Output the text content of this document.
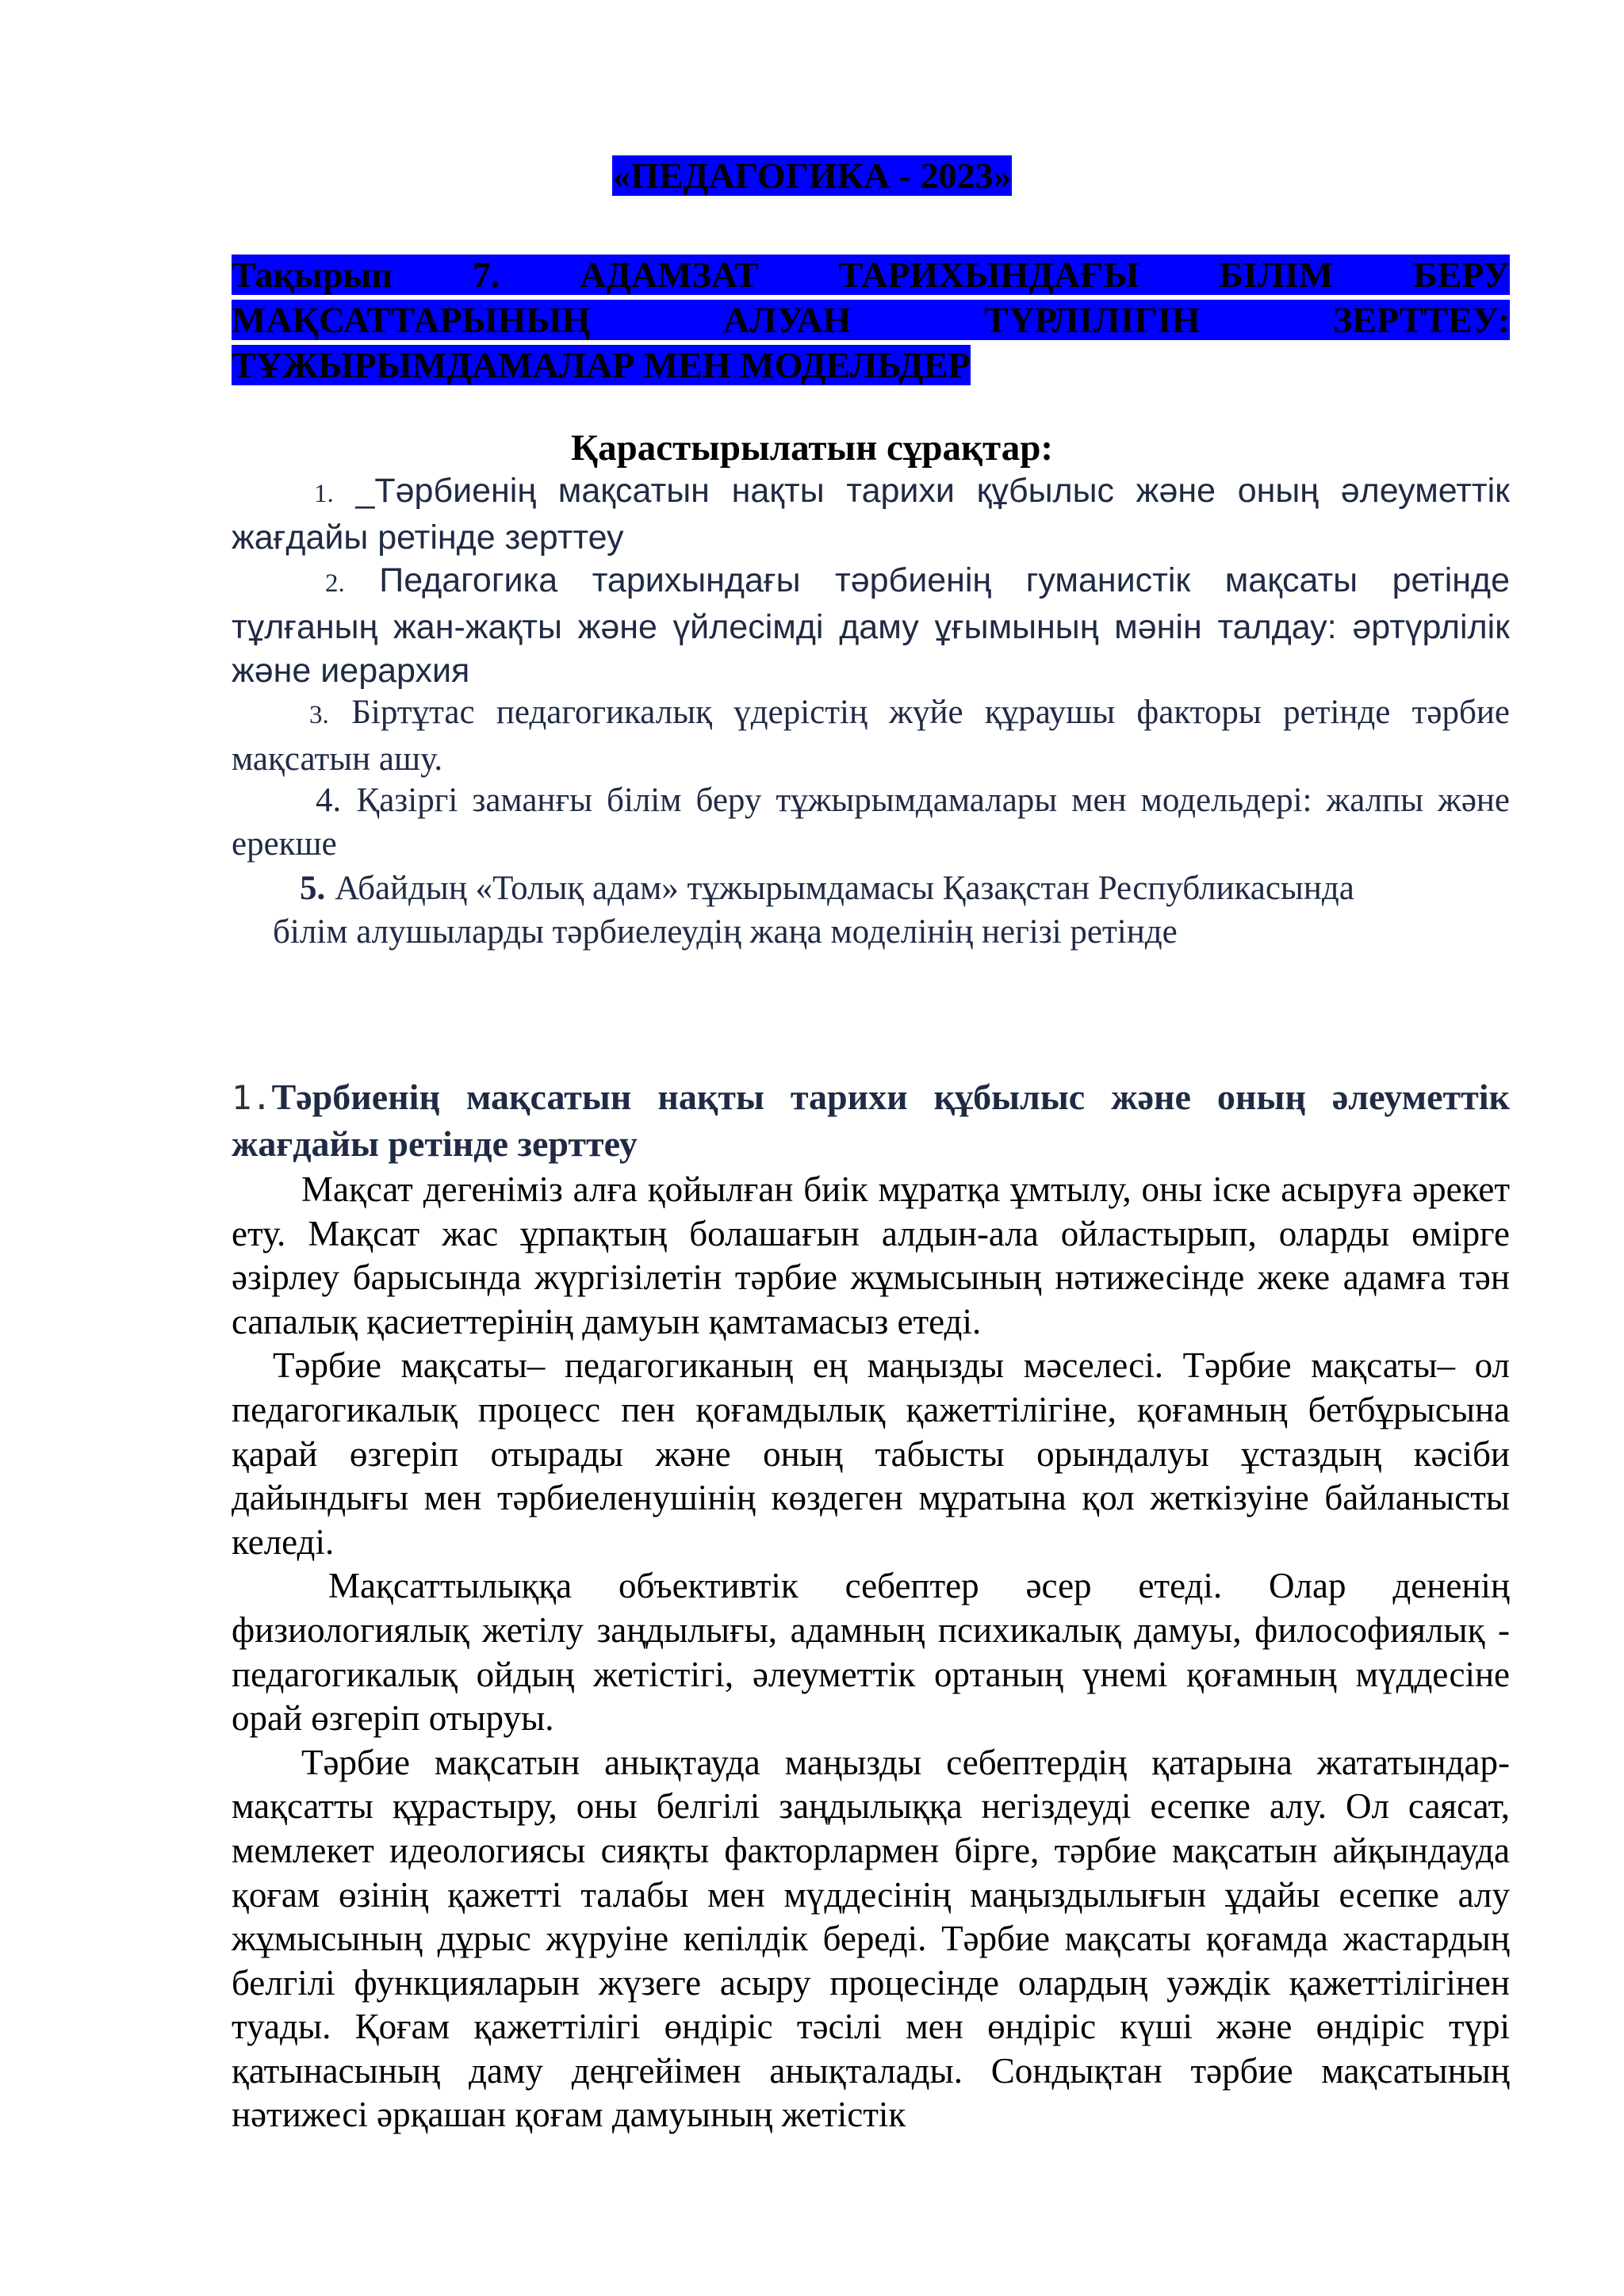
«ПЕДАГОГИКА - 2023»
Тақырып 7. АДАМЗАТ ТАРИХЫНДАҒЫ БІЛІМ БЕРУ МАҚСАТТАРЫНЫҢ АЛУАН ТҮРЛІЛІГІН ЗЕРТТЕУ: ТҰЖЫРЫМДАМАЛАР МЕН МОДЕЛЬДЕР
Қарастырылатын сұрақтар:
1. _Тәрбиенің мақсатын нақты тарихи құбылыс және оның әлеуметтік жағдайы ретінде зерттеу
2. Педагогика тарихындағы тәрбиенің гуманистік мақсаты ретінде тұлғаның жан-жақты және үйлесімді даму ұғымының мәнін талдау: әртүрлілік және иерархия
3. Біртұтас педагогикалық үдерістің жүйе құраушы факторы ретінде тәрбие мақсатын ашу.
4. Қазіргі заманғы білім беру тұжырымдамалары мен модельдері: жалпы және ерекше
5. Абайдың «Толық адам» тұжырымдамасы Қазақстан Республикасында
білім алушыларды тәрбиелеудің жаңа моделінің негізі ретінде
1.Тәрбиенің мақсатын нақты тарихи құбылыс және оның әлеуметтік жағдайы ретінде зерттеу

Мақсат дегеніміз алға қойылған биік мұратқа ұмтылу, оны іске асыруға әрекет ету. Мақсат жас ұрпақтың болашағын алдын-ала ойластырып, оларды өмірге әзірлеу барысында жүргізілетін тәрбие жұмысының нәтижесінде жеке адамға тән сапалық қасиеттерінің дамуын қамтамасыз етеді.

Тәрбие мақсаты– педагогиканың ең маңызды мәселесі. Тәрбие мақсаты– ол педагогикалық процесс пен қоғамдылық қажеттілігіне, қоғамның бетбұрысына қарай өзгеріп отырады және оның табысты орындалуы ұстаздың кәсіби дайындығы мен тәрбиеленушінің көздеген мұратына қол жеткізуіне байланысты келеді.

Мақсаттылыққа объективтік себептер әсер етеді. Олар дененің физиологиялық жетілу заңдылығы, адамның психикалық дамуы, философиялық - педагогикалық ойдың жетістігі, әлеуметтік ортаның үнемі қоғамның мүддесіне орай өзгеріп отыруы.

Тәрбие мақсатын анықтауда маңызды себептердің қатарына жататындар- мақсатты құрастыру, оны белгілі заңдылыққа негіздеуді есепке алу. Ол саясат, мемлекет идеологиясы сияқты факторлармен бірге, тәрбие мақсатын айқындауда қоғам өзінің қажетті талабы мен мүддесінің маңыздылығын ұдайы есепке алу жұмысының дұрыс жүруіне кепілдік береді. Тәрбие мақсаты қоғамда жастардың белгілі функцияларын жүзеге асыру процесінде олардың уәждік қажеттілігінен туады. Қоғам қажеттілігі өндіріс тәсілі мен өндіріс күші және өндіріс түрі қатынасының даму деңгейімен анықталады. Сондықтан тәрбие мақсатының нәтижесі әрқашан қоғам дамуының жетістік
